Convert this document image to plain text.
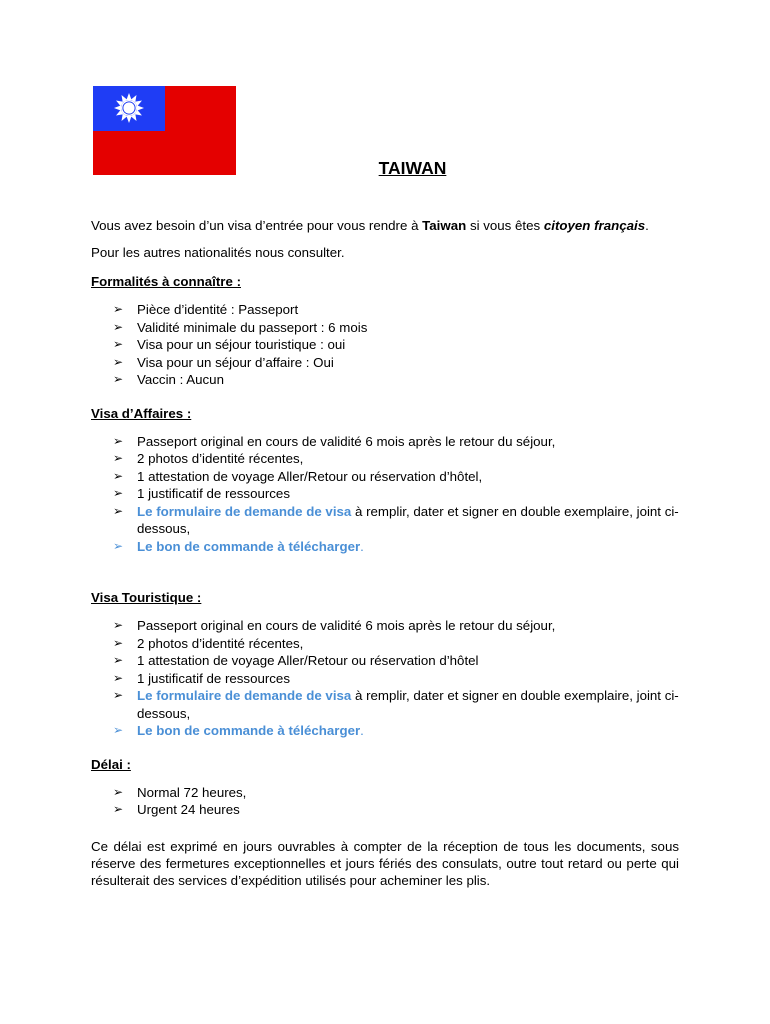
TAIWAN

Vous avez besoin d’un visa d’entrée pour vous rendre à Taiwan si vous êtes citoyen français.

Pour les autres nationalités nous consulter.

Formalités à connaître :

➢ Pièce d’identité : Passeport
➢ Validité minimale du passeport : 6 mois
➢ Visa pour un séjour touristique : oui
➢ Visa pour un séjour d’affaire : Oui
➢ Vaccin : Aucun

Visa d’Affaires :

➢ Passeport original en cours de validité 6 mois après le retour du séjour,
➢ 2 photos d’identité récentes,
➢ 1 attestation de voyage Aller/Retour ou réservation d’hôtel,
➢ 1 justificatif de ressources
➢ Le formulaire de demande de visa à remplir, dater et signer en double exemplaire, joint ci-dessous,
➢ Le bon de commande à télécharger.

Visa Touristique :

➢ Passeport original en cours de validité 6 mois après le retour du séjour,
➢ 2 photos d’identité récentes,
➢ 1 attestation de voyage Aller/Retour ou réservation d’hôtel
➢ 1 justificatif de ressources
➢ Le formulaire de demande de visa à remplir, dater et signer en double exemplaire, joint ci-dessous,
➢ Le bon de commande à télécharger.

Délai :

➢ Normal 72 heures,
➢ Urgent 24 heures

Ce délai est exprimé en jours ouvrables à compter de la réception de tous les documents, sous réserve des fermetures exceptionnelles et jours fériés des consulats, outre tout retard ou perte qui résulterait des services d’expédition utilisés pour acheminer les plis.
